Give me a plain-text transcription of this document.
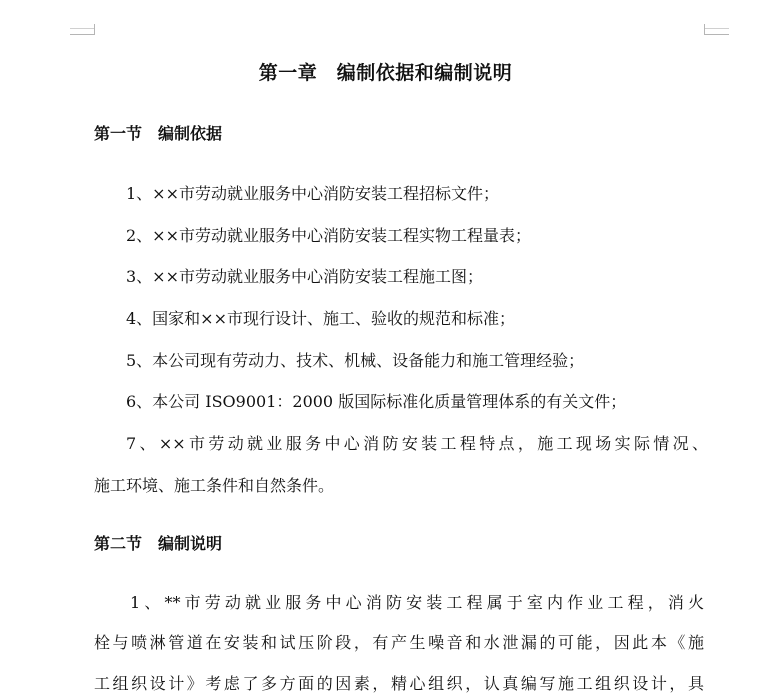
第一章　编制依据和编制说明
第一节　编制依据
1、××市劳动就业服务中心消防安装工程招标文件；
2、××市劳动就业服务中心消防安装工程实物工程量表；
3、××市劳动就业服务中心消防安装工程施工图；
4、国家和××市现行设计、施工、验收的规范和标准；
5、本公司现有劳动力、技术、机械、设备能力和施工管理经验；
6、本公司 ISO9001：2000 版国际标准化质量管理体系的有关文件；
7、××市劳动就业服务中心消防安装工程特点，施工现场实际情况、
施工环境、施工条件和自然条件。
第二节　编制说明
1、**市劳动就业服务中心消防安装工程属于室内作业工程，消火
栓与喷淋管道在安装和试压阶段，有产生噪音和水泄漏的可能，因此本《施
工组织设计》考虑了多方面的因素，精心组织，认真编写施工组织设计，具
